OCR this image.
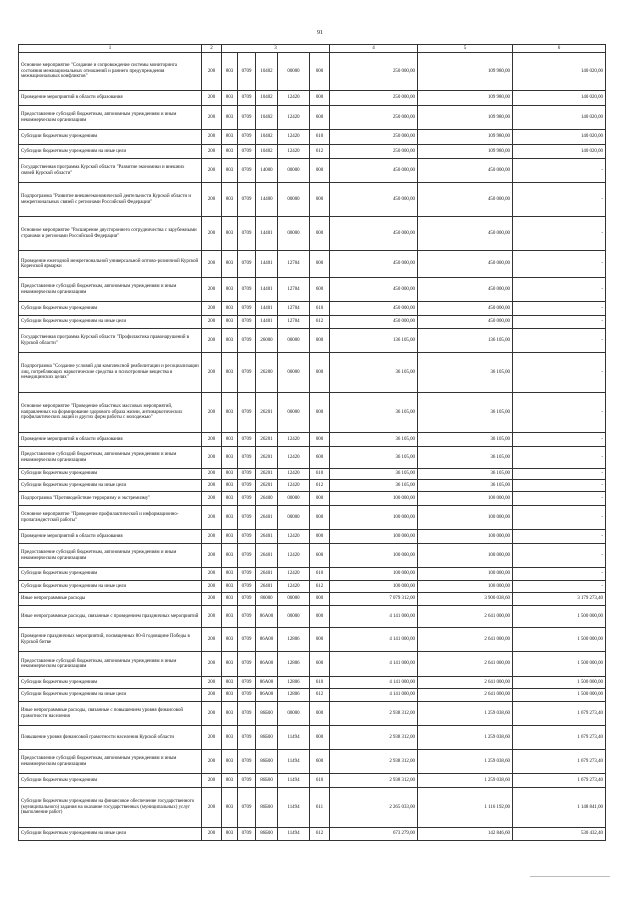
91
1	2	3					4	5	6
Основное мероприятие "Создание и сопровождение системы мониторинга состояния межнациональных отношений и раннего предупреждения межнациональных конфликтов"	200	803	0709	10402	00000	000	250 000,00	109 980,00	140 020,00
Проведение мероприятий в области образования	200	803	0709	10402	12420	000	250 000,00	109 980,00	140 020,00
Предоставление субсидий бюджетным, автономным учреждениям и иным некоммерческим организациям	200	803	0709	10402	12420	600	250 000,00	109 980,00	140 020,00
Субсидии бюджетным учреждениям	200	803	0709	10402	12420	610	250 000,00	109 980,00	140 020,00
Субсидии бюджетным учреждениям на иные цели	200	803	0709	10402	12420	612	250 000,00	109 980,00	140 020,00
Государственная программа Курской области "Развитие экономики и внешних связей Курской области"	200	803	0709	14000	00000	000	450 000,00	450 000,00	-
Подпрограмма "Развитие внешнеэкономической деятельности Курской области и межрегиональных связей с регионами Российской Федерации"	200	803	0709	14400	00000	000	450 000,00	450 000,00	-
Основное мероприятие "Расширение двустороннего сотрудничества с зарубежными странами и регионами Российской Федерации"	200	803	0709	14401	00000	000	450 000,00	450 000,00	-
Проведение ежегодной межрегиональной универсальной оптово-розничной Курской Коренской ярмарки	200	803	0709	14401	12704	000	450 000,00	450 000,00	-
Предоставление субсидий бюджетным, автономным учреждениям и иным некоммерческим организациям	200	803	0709	14401	12704	600	450 000,00	450 000,00	-
Субсидии бюджетным учреждениям	200	803	0709	14401	12704	610	450 000,00	450 000,00	-
Субсидии бюджетным учреждениям на иные цели	200	803	0709	14401	12704	612	450 000,00	450 000,00	-
Государственная программа Курской области "Профилактика правонарушений в Курской области"	200	803	0709	26000	00000	000	136 105,00	136 105,00	-
Подпрограмма "Создание условий для комплексной реабилитации и ресоциализации лиц, потребляющих наркотические средства и психотропные вещества в немедицинских целях"	200	803	0709	26200	00000	000	36 105,00	36 105,00	-
Основное мероприятие "Проведение областных массовых мероприятий, направленных на формирование здорового образа жизни, антинаркотических профилактических акций и других форм работы с молодежью"	200	803	0709	26201	00000	000	36 105,00	36 105,00	-
Проведение мероприятий в области образования	200	803	0709	26201	12420	000	36 105,00	36 105,00	-
Предоставление субсидий бюджетным, автономным учреждениям и иным некоммерческим организациям	200	803	0709	26201	12420	600	36 105,00	36 105,00	-
Субсидии бюджетным учреждениям	200	803	0709	26201	12420	610	36 105,00	36 105,00	-
Субсидии бюджетным учреждениям на иные цели	200	803	0709	26201	12420	612	36 105,00	36 105,00	-
Подпрограмма "Противодействие терроризму и экстремизму"	200	803	0709	26400	00000	000	100 000,00	100 000,00	-
Основное мероприятие "Проведение профилактической и информационно-пропагандистской работы"	200	803	0709	26401	00000	000	100 000,00	100 000,00	-
Проведение мероприятий в области образования	200	803	0709	26401	12420	000	100 000,00	100 000,00	-
Предоставление субсидий бюджетным, автономным учреждениям и иным некоммерческим организациям	200	803	0709	26401	12420	600	100 000,00	100 000,00	-
Субсидии бюджетным учреждениям	200	803	0709	26401	12420	610	100 000,00	100 000,00	-
Субсидии бюджетным учреждениям на иные цели	200	803	0709	26401	12420	612	100 000,00	100 000,00	-
Иные непрограммные расходы	200	803	0709	86000	00000	000	7 079 312,00	3 900 038,60	3 179 273,40
Иные непрограммные расходы, связанные с проведением праздничных мероприятий	200	803	0709	86А00	00000	000	4 141 000,00	2 641 000,00	1 500 000,00
Проведение праздничных мероприятий, посвященных 80-й годовщине Победы в Курской битве	200	803	0709	86А00	12806	000	4 141 000,00	2 641 000,00	1 500 000,00
Предоставление субсидий бюджетным, автономным учреждениям и иным некоммерческим организациям	200	803	0709	86А00	12806	600	4 141 000,00	2 641 000,00	1 500 000,00
Субсидии бюджетным учреждениям	200	803	0709	86А00	12806	610	4 141 000,00	2 641 000,00	1 500 000,00
Субсидии бюджетным учреждениям на иные цели	200	803	0709	86А00	12806	612	4 141 000,00	2 641 000,00	1 500 000,00
Иные непрограммные расходы, связанные с повышением уровня финансовой грамотности населения	200	803	0709	86Б00	00000	000	2 938 312,00	1 259 038,60	1 679 273,40
Повышение уровня финансовой грамотности населения Курской области	200	803	0709	86Б00	11494	000	2 938 312,00	1 259 038,60	1 679 273,40
Предоставление субсидий бюджетным, автономным учреждениям и иным некоммерческим организациям	200	803	0709	86Б00	11494	600	2 938 312,00	1 259 038,60	1 679 273,40
Субсидии бюджетным учреждениям	200	803	0709	86Б00	11494	610	2 938 312,00	1 259 038,60	1 679 273,40
Субсидии бюджетным учреждениям на финансовое обеспечение государственного (муниципального) задания на оказание государственных (муниципальных) услуг (выполнение работ)	200	803	0709	86Б00	11494	611	2 265 033,00	1 116 192,00	1 148 841,00
Субсидии бюджетным учреждениям на иные цели	200	803	0709	86Б00	11494	612	673 279,00	142 846,60	530 432,40
